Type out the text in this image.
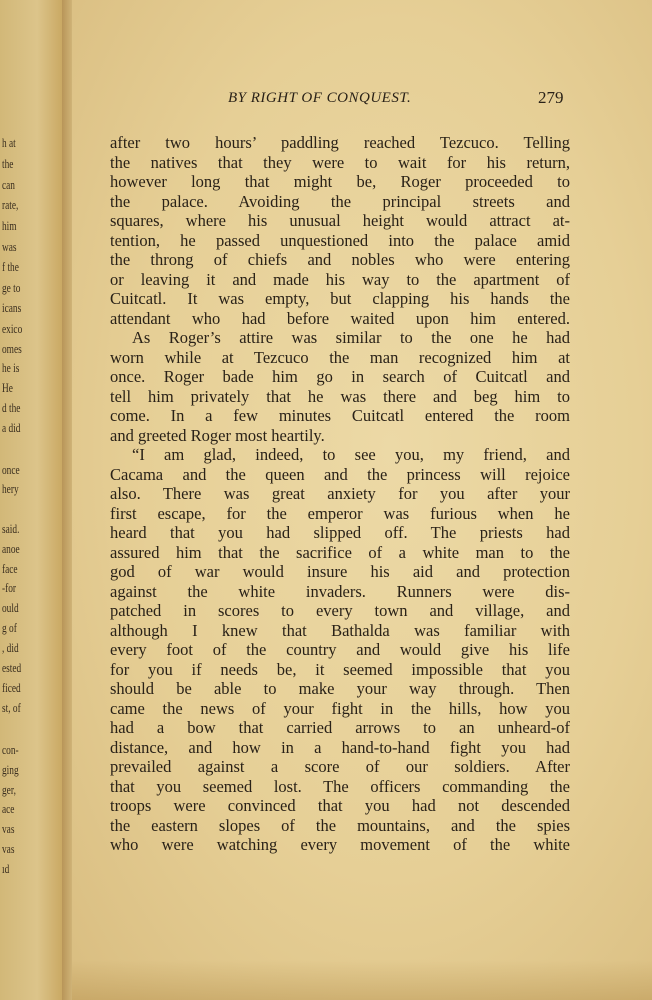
h at
the
can
rate,
him
was
f the
ge to
icans
exico
omes
he is
He
d the
a did
once
hery
said.
anoe
face
-for
ould
g of
, did
ested
ficed
st, of
con-
ging
ger,
ace
vas
vas
ıd
BY RIGHT OF CONQUEST.	279
after two hours’ paddling reached Tezcuco. Telling
the natives that they were to wait for his return,
however long that might be, Roger proceeded to
the palace. Avoiding the principal streets and
squares, where his unusual height would attract at-
tention, he passed unquestioned into the palace amid
the throng of chiefs and nobles who were entering
or leaving it and made his way to the apartment of
Cuitcatl. It was empty, but clapping his hands the
attendant who had before waited upon him entered.
As Roger’s attire was similar to the one he had
worn while at Tezcuco the man recognized him at
once. Roger bade him go in search of Cuitcatl and
tell him privately that he was there and beg him to
come. In a few minutes Cuitcatl entered the room
and greeted Roger most heartily.
“I am glad, indeed, to see you, my friend, and
Cacama and the queen and the princess will rejoice
also. There was great anxiety for you after your
first escape, for the emperor was furious when he
heard that you had slipped off. The priests had
assured him that the sacrifice of a white man to the
god of war would insure his aid and protection
against the white invaders. Runners were dis-
patched in scores to every town and village, and
although I knew that Bathalda was familiar with
every foot of the country and would give his life
for you if needs be, it seemed impossible that you
should be able to make your way through. Then
came the news of your fight in the hills, how you
had a bow that carried arrows to an unheard-of
distance, and how in a hand-to-hand fight you had
prevailed against a score of our soldiers. After
that you seemed lost. The officers commanding the
troops were convinced that you had not descended
the eastern slopes of the mountains, and the spies
who were watching every movement of the white
